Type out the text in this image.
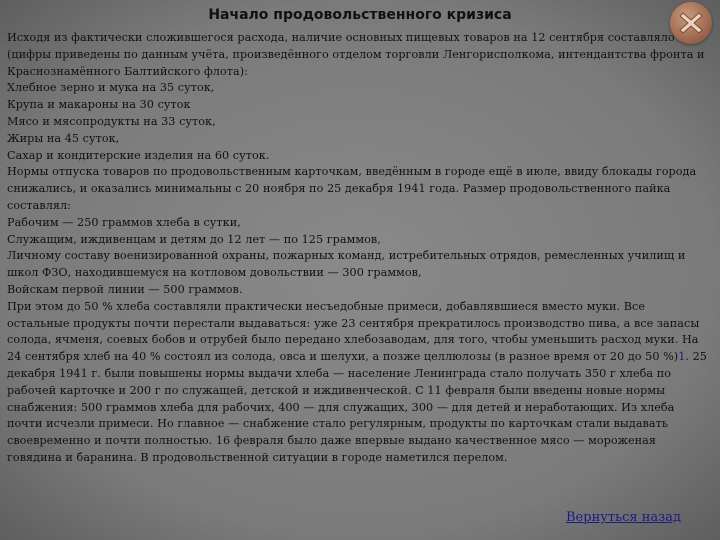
Начало продовольственного кризиса

Исходя из фактически сложившегося расхода, наличие основных пищевых товаров на 12 сентября составляло (цифры приведены по данным учёта, произведённого отделом торговли Ленгорисполкома, интендантства фронта и Краснознамённого Балтийского флота):

Хлебное зерно и мука на 35 суток,

Крупа и макароны на 30 суток

Мясо и мясопродукты на 33 суток,

Жиры на 45 суток,

Сахар и кондитерские изделия на 60 суток.

Нормы отпуска товаров по продовольственным карточкам, введённым в городе ещё в июле, ввиду блокады города снижались, и оказались минимальны с 20 ноября по 25 декабря 1941 года. Размер продовольственного пайка составлял:

Рабочим — 250 граммов хлеба в сутки,

Служащим, иждивенцам и детям до 12 лет — по 125 граммов,

Личному составу военизированной охраны, пожарных команд, истребительных отрядов, ремесленных училищ и школ ФЗО, находившемуся на котловом довольствии — 300 граммов,

Войскам первой линии — 500 граммов.

При этом до 50 % хлеба составляли практически несъедобные примеси, добавлявшиеся вместо муки. Все остальные продукты почти перестали выдаваться: уже 23 сентября прекратилось производство пива, а все запасы солода, ячменя, соевых бобов и отрубей было передано хлебозаводам, для того, чтобы уменьшить расход муки. На 24 сентября хлеб на 40 % состоял из солода, овса и шелухи, а позже целлюлозы (в разное время от 20 до 50 %)1. 25 декабря 1941 г. были повышены нормы выдачи хлеба — население Ленинграда стало получать 350 г хлеба по рабочей карточке и 200 г по служащей, детской и иждивенческой. С 11 февраля были введены новые нормы снабжения: 500 граммов хлеба для рабочих, 400 — для служащих, 300 — для детей и неработающих. Из хлеба почти исчезли примеси. Но главное — снабжение стало регулярным, продукты по карточкам стали выдавать своевременно и почти полностью. 16 февраля было даже впервые выдано качественное мясо — мороженая говядина и баранина. В продовольственной ситуации в городе наметился перелом.

Вернуться назад
